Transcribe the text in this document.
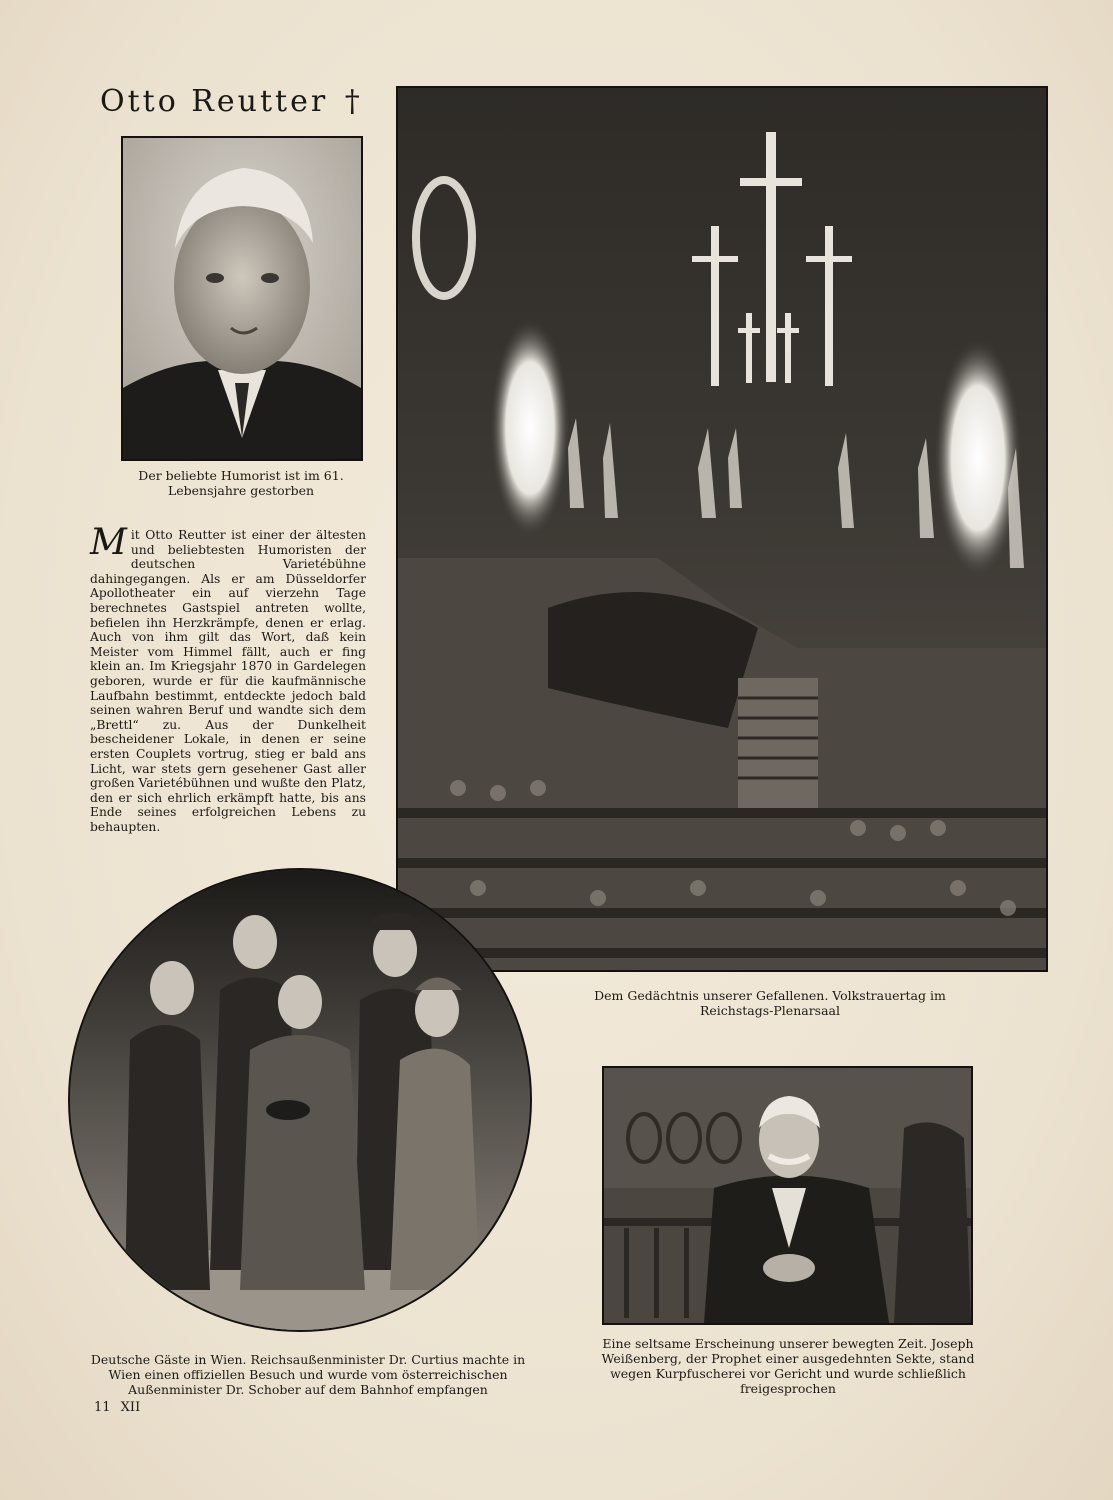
Otto Reutter †
Der beliebte Humorist ist im 61. Lebensjahre gestorben
M it Otto Reutter ist einer der ältesten und beliebtesten Humoristen der deutschen Varietébühne dahingegangen. Als er am Düsseldorfer Apollotheater ein auf vierzehn Tage berechnetes Gastspiel antreten wollte, befielen ihn Herzkrämpfe, denen er erlag. Auch von ihm gilt das Wort, daß kein Meister vom Himmel fällt, auch er fing klein an. Im Kriegsjahr 1870 in Gardelegen geboren, wurde er für die kaufmännische Laufbahn bestimmt, entdeckte jedoch bald seinen wahren Beruf und wandte sich dem „Brettl“ zu. Aus der Dunkelheit bescheidener Lokale, in denen er seine ersten Couplets vortrug, stieg er bald ans Licht, war stets gern gesehener Gast aller großen Varietébühnen und wußte den Platz, den er sich ehrlich erkämpft hatte, bis ans Ende seines erfolgreichen Lebens zu behaupten.
Dem Gedächtnis unserer Gefallenen. Volkstrauertag im Reichstags-Plenarsaal
Deutsche Gäste in Wien. Reichsaußenminister Dr. Curtius machte in Wien einen offiziellen Besuch und wurde vom österreichischen Außenminister Dr. Schober auf dem Bahnhof empfangen
Eine seltsame Erscheinung unserer bewegten Zeit. Joseph Weißenberg, der Prophet einer ausgedehnten Sekte, stand wegen Kurpfuscherei vor Gericht und wurde schließlich freigesprochen
11 XII
